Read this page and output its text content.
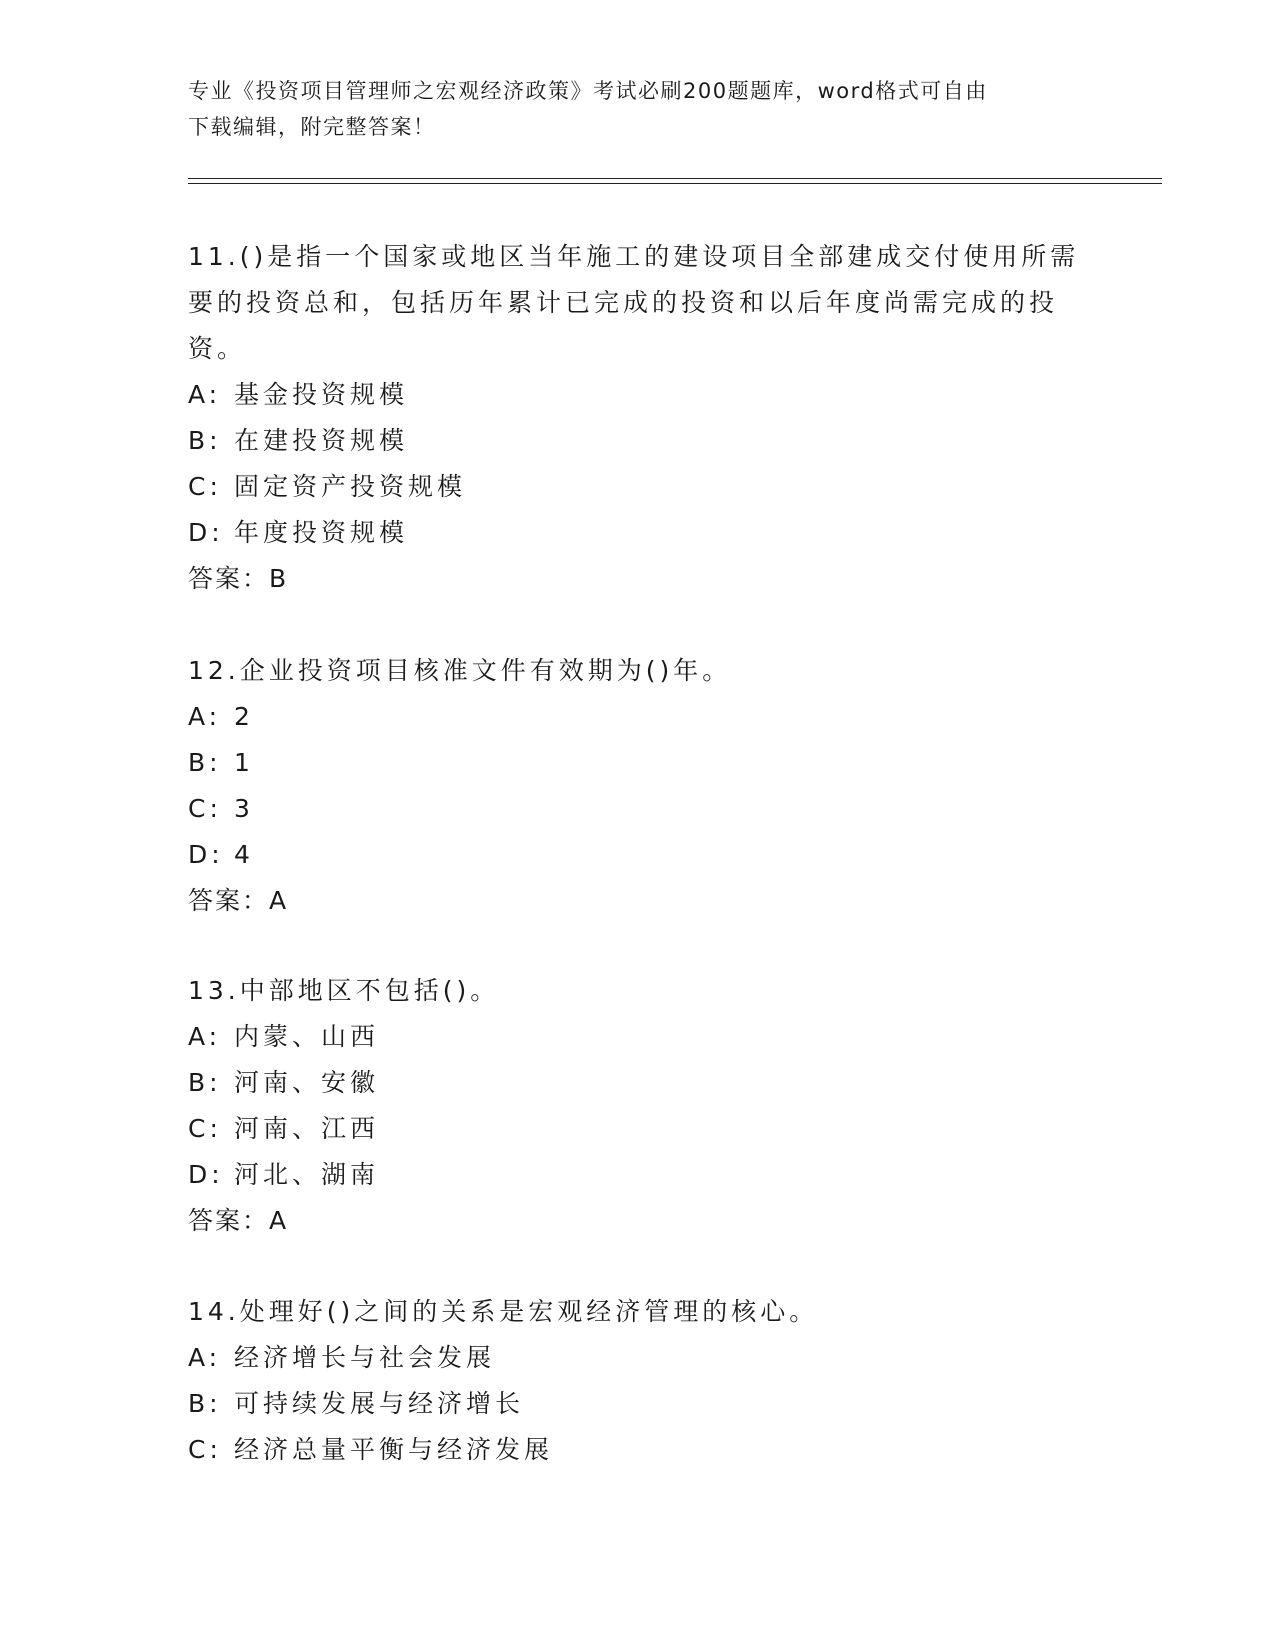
专业《投资项目管理师之宏观经济政策》考试必刷200题题库，word格式可自由
下载编辑，附完整答案！

11.()是指一个国家或地区当年施工的建设项目全部建成交付使用所需

要的投资总和，包括历年累计已完成的投资和以后年度尚需完成的投

资。

A: 基金投资规模

B: 在建投资规模

C: 固定资产投资规模

D: 年度投资规模

答案：B

12.企业投资项目核准文件有效期为()年。

A: 2

B: 1

C: 3

D: 4

答案：A

13.中部地区不包括()。

A: 内蒙、山西

B: 河南、安徽

C: 河南、江西

D: 河北、湖南

答案：A

14.处理好()之间的关系是宏观经济管理的核心。

A: 经济增长与社会发展

B: 可持续发展与经济增长

C: 经济总量平衡与经济发展
